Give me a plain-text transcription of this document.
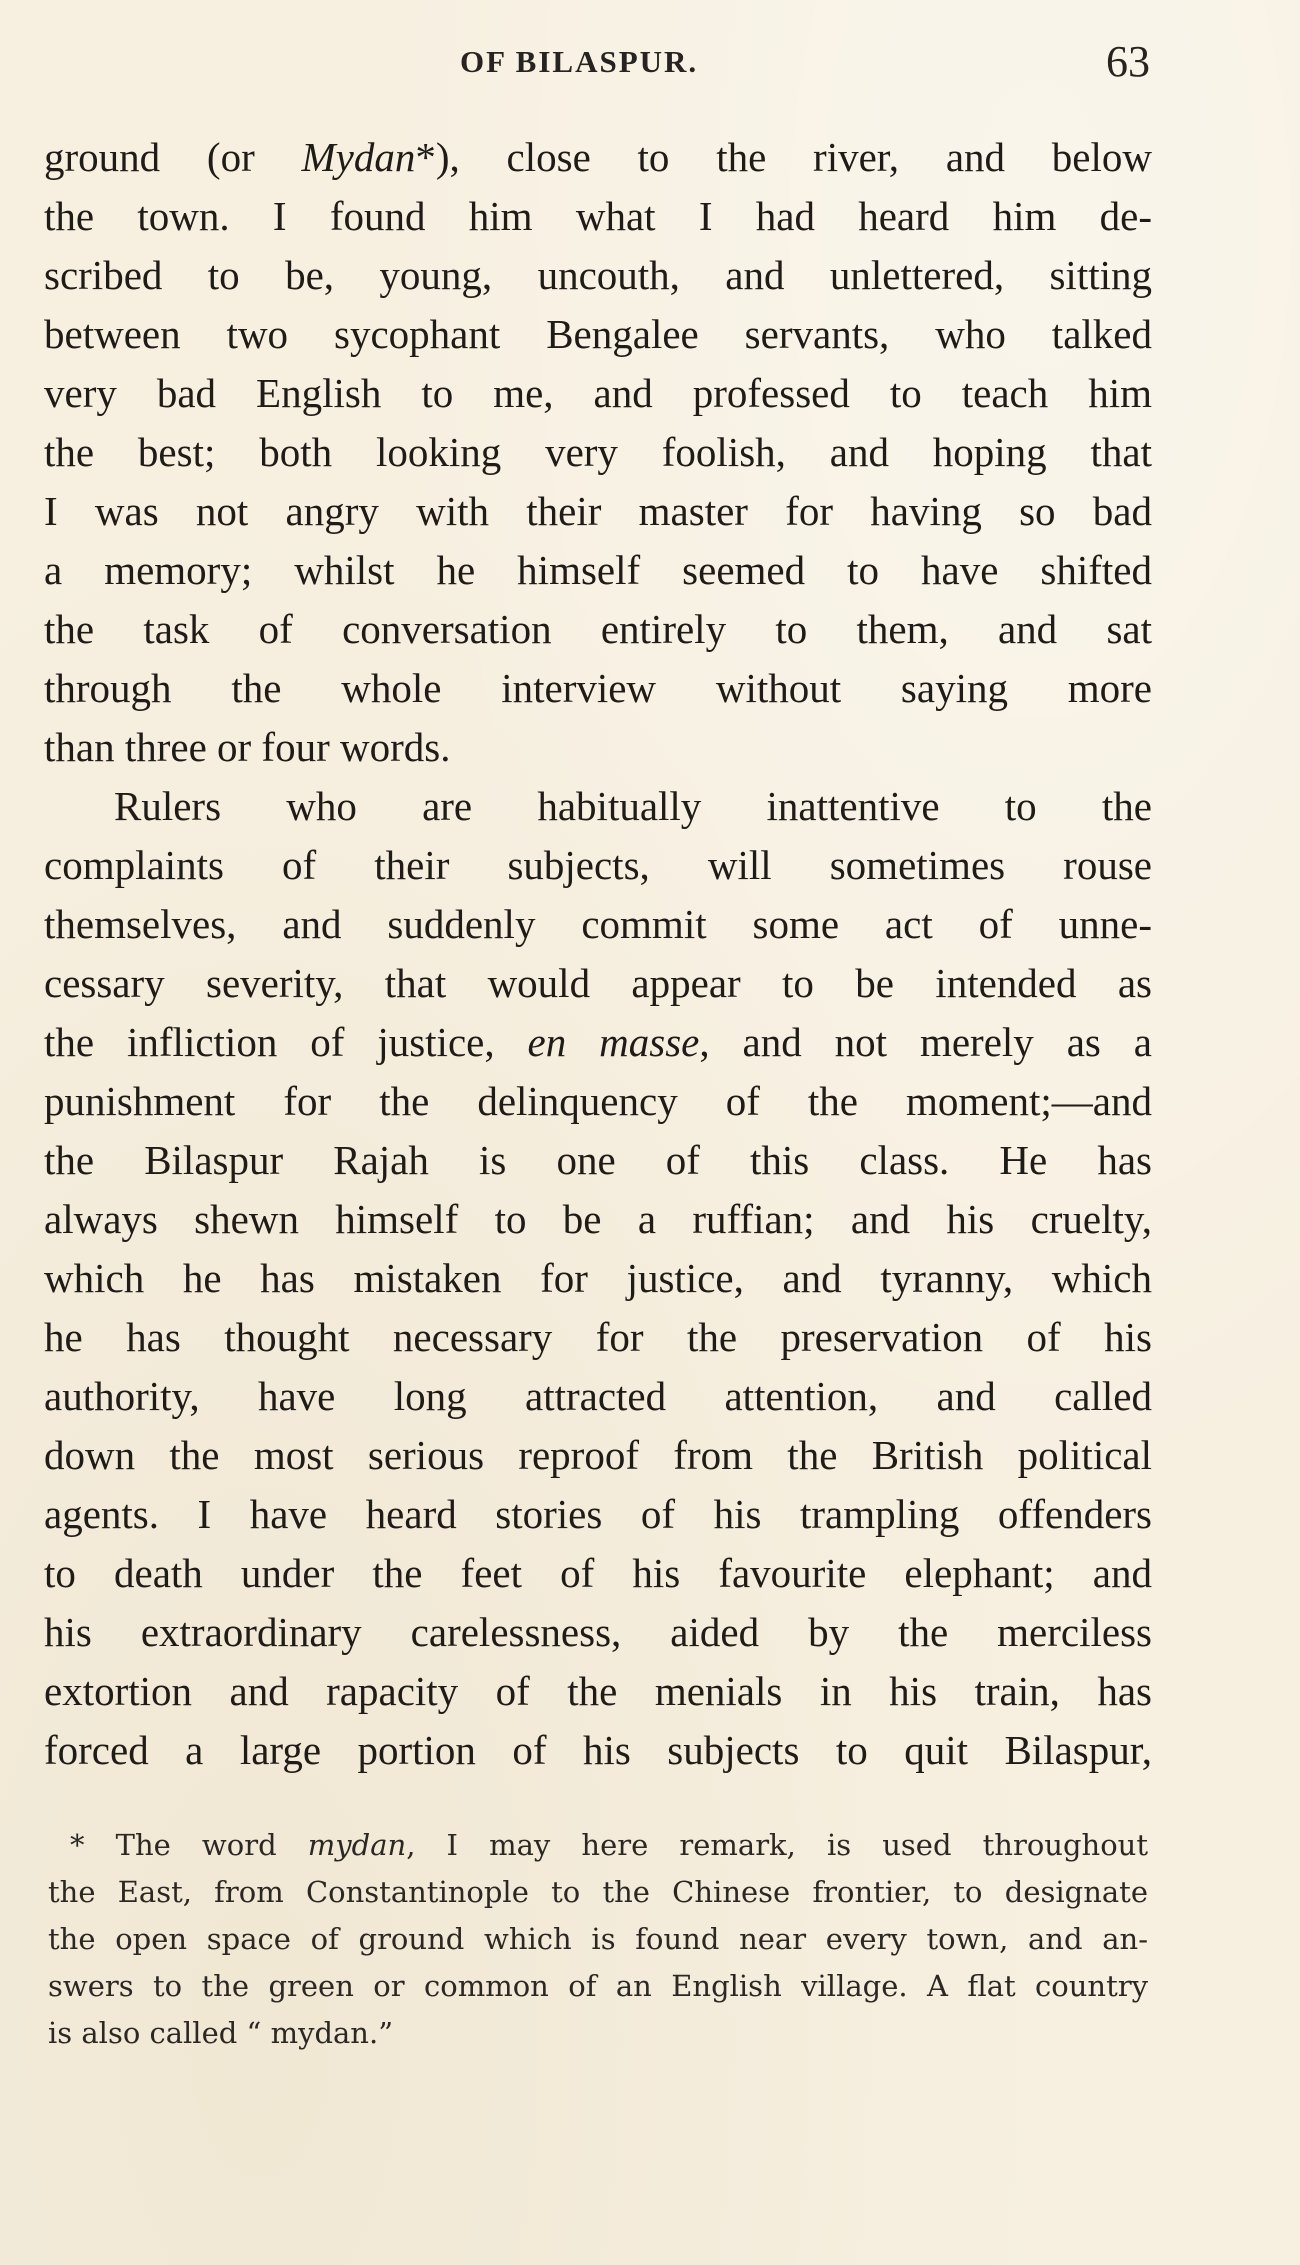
OF BILASPUR.	63
ground (or Mydan*), close to the river, and below
the town. I found him what I had heard him de-
scribed to be, young, uncouth, and unlettered, sitting
between two sycophant Bengalee servants, who talked
very bad English to me, and professed to teach him
the best; both looking very foolish, and hoping that
I was not angry with their master for having so bad
a memory; whilst he himself seemed to have shifted
the task of conversation entirely to them, and sat
through the whole interview without saying more
than three or four words.
Rulers who are habitually inattentive to the
complaints of their subjects, will sometimes rouse
themselves, and suddenly commit some act of unne-
cessary severity, that would appear to be intended as
the infliction of justice, en masse, and not merely as a
punishment for the delinquency of the moment;—and
the Bilaspur Rajah is one of this class. He has
always shewn himself to be a ruffian; and his cruelty,
which he has mistaken for justice, and tyranny, which
he has thought necessary for the preservation of his
authority, have long attracted attention, and called
down the most serious reproof from the British political
agents. I have heard stories of his trampling offenders
to death under the feet of his favourite elephant; and
his extraordinary carelessness, aided by the merciless
extortion and rapacity of the menials in his train, has
forced a large portion of his subjects to quit Bilaspur,
* The word mydan, I may here remark, is used throughout
the East, from Constantinople to the Chinese frontier, to designate
the open space of ground which is found near every town, and an-
swers to the green or common of an English village. A flat country
is also called “ mydan.”
